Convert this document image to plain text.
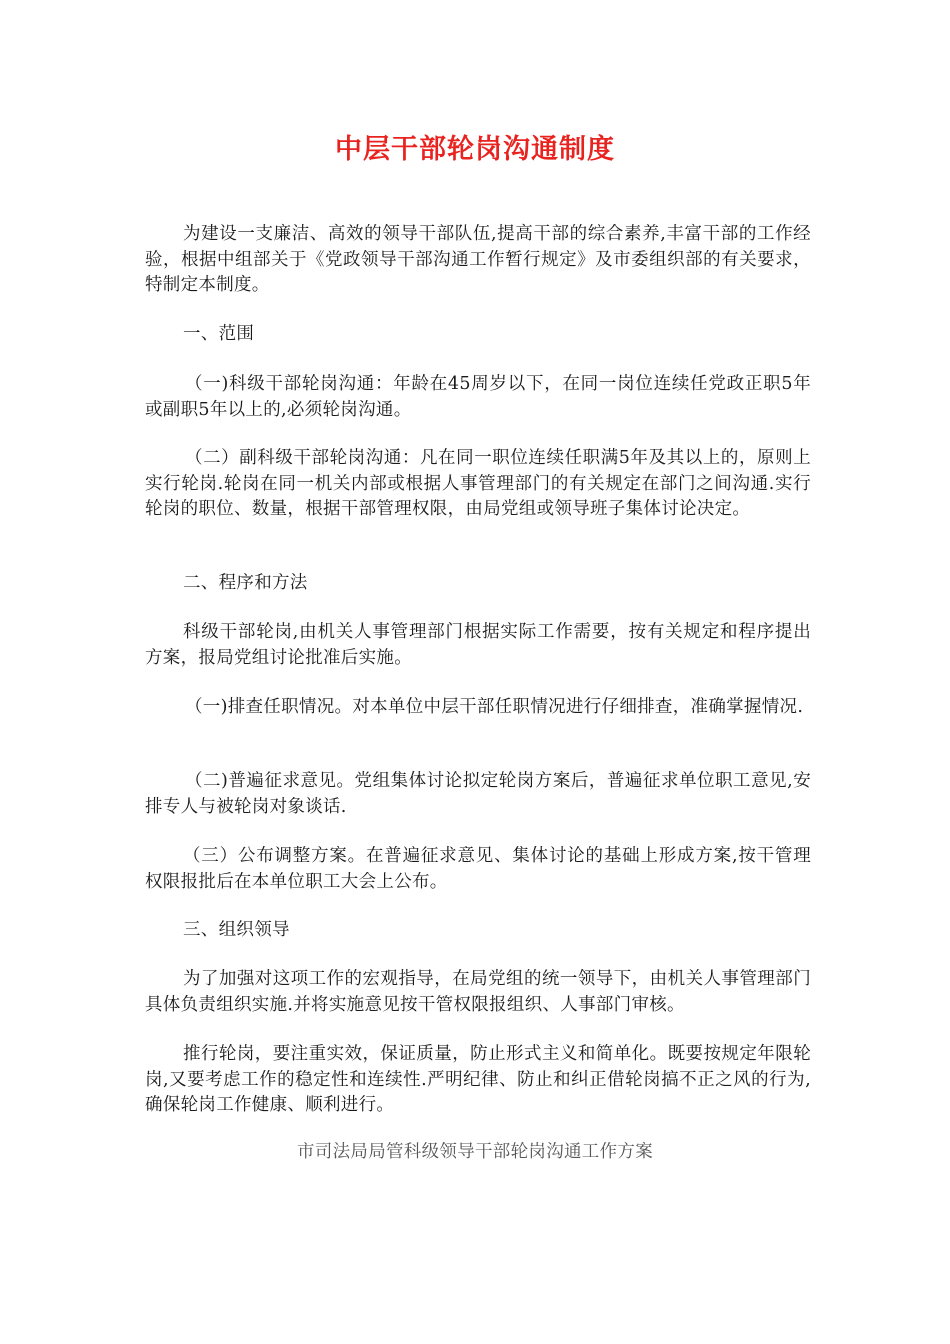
中层干部轮岗沟通制度
为建设一支廉洁、高效的领导干部队伍,提高干部的综合素养,丰富干部的工作经验，根据中组部关于《党政领导干部沟通工作暂行规定》及市委组织部的有关要求，特制定本制度。
一、范围
（一)科级干部轮岗沟通：年龄在45周岁以下，在同一岗位连续任党政正职5年或副职5年以上的,必须轮岗沟通。
（二）副科级干部轮岗沟通：凡在同一职位连续任职满5年及其以上的，原则上实行轮岗.轮岗在同一机关内部或根据人事管理部门的有关规定在部门之间沟通.实行轮岗的职位、数量，根据干部管理权限，由局党组或领导班子集体讨论决定。
二、程序和方法
科级干部轮岗,由机关人事管理部门根据实际工作需要，按有关规定和程序提出方案，报局党组讨论批准后实施。
（一)排查任职情况。对本单位中层干部任职情况进行仔细排查，准确掌握情况.
（二)普遍征求意见。党组集体讨论拟定轮岗方案后，普遍征求单位职工意见,安排专人与被轮岗对象谈话.
（三）公布调整方案。在普遍征求意见、集体讨论的基础上形成方案,按干管理权限报批后在本单位职工大会上公布。
三、组织领导
为了加强对这项工作的宏观指导，在局党组的统一领导下，由机关人事管理部门具体负责组织实施.并将实施意见按干管权限报组织、人事部门审核。
推行轮岗，要注重实效，保证质量，防止形式主义和简单化。既要按规定年限轮岗,又要考虑工作的稳定性和连续性.严明纪律、防止和纠正借轮岗搞不正之风的行为,确保轮岗工作健康、顺利进行。
市司法局局管科级领导干部轮岗沟通工作方案
